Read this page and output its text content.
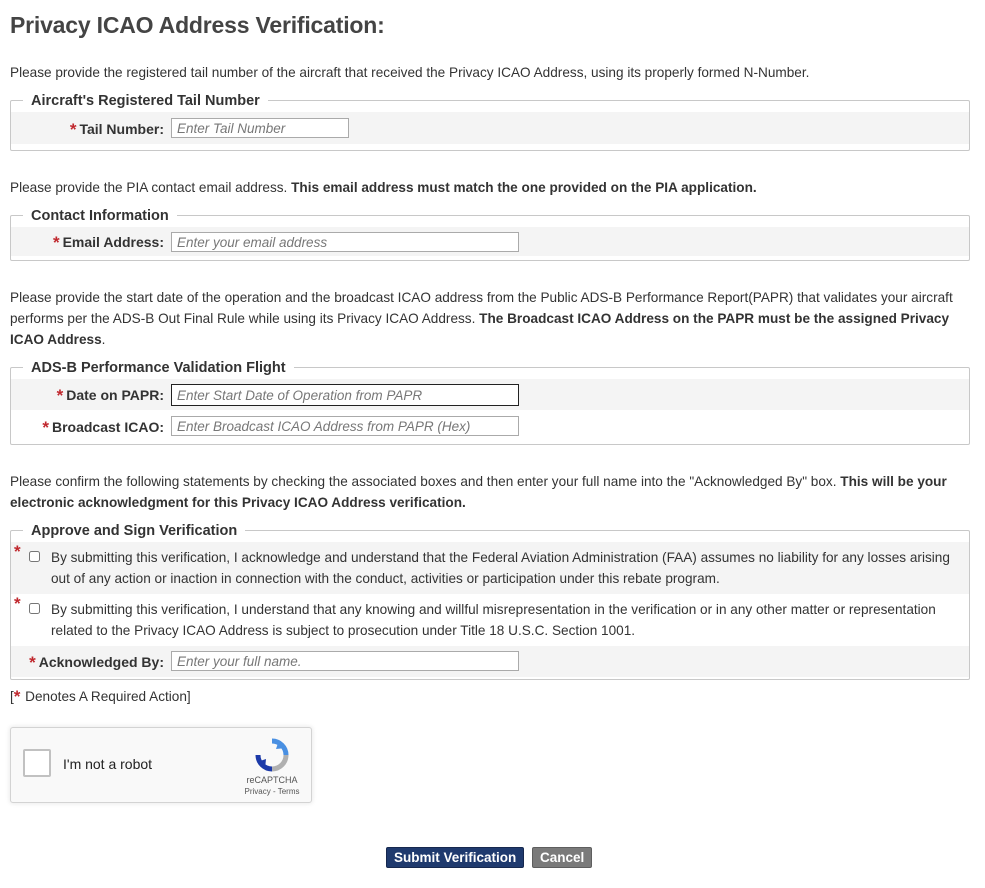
Privacy ICAO Address Verification:
Please provide the registered tail number of the aircraft that received the Privacy ICAO Address, using its properly formed N-Number.
Aircraft's Registered Tail Number
* Tail Number:
Enter Tail Number
Please provide the PIA contact email address. This email address must match the one provided on the PIA application.
Contact Information
* Email Address:
Enter your email address
Please provide the start date of the operation and the broadcast ICAO address from the Public ADS-B Performance Report(PAPR) that validates your aircraft performs per the ADS-B Out Final Rule while using its Privacy ICAO Address. The Broadcast ICAO Address on the PAPR must be the assigned Privacy ICAO Address.
ADS-B Performance Validation Flight
* Date on PAPR:
Enter Start Date of Operation from PAPR
* Broadcast ICAO:
Enter Broadcast ICAO Address from PAPR (Hex)
Please confirm the following statements by checking the associated boxes and then enter your full name into the "Acknowledged By" box. This will be your electronic acknowledgment for this Privacy ICAO Address verification.
Approve and Sign Verification
* By submitting this verification, I acknowledge and understand that the Federal Aviation Administration (FAA) assumes no liability for any losses arising out of any action or inaction in connection with the conduct, activities or participation under this rebate program.
* By submitting this verification, I understand that any knowing and willful misrepresentation in the verification or in any other matter or representation related to the Privacy ICAO Address is subject to prosecution under Title 18 U.S.C. Section 1001.
* Acknowledged By:
Enter your full name.
[* Denotes A Required Action]
I'm not a robot
reCAPTCHA
Privacy - Terms
Submit Verification	Cancel
